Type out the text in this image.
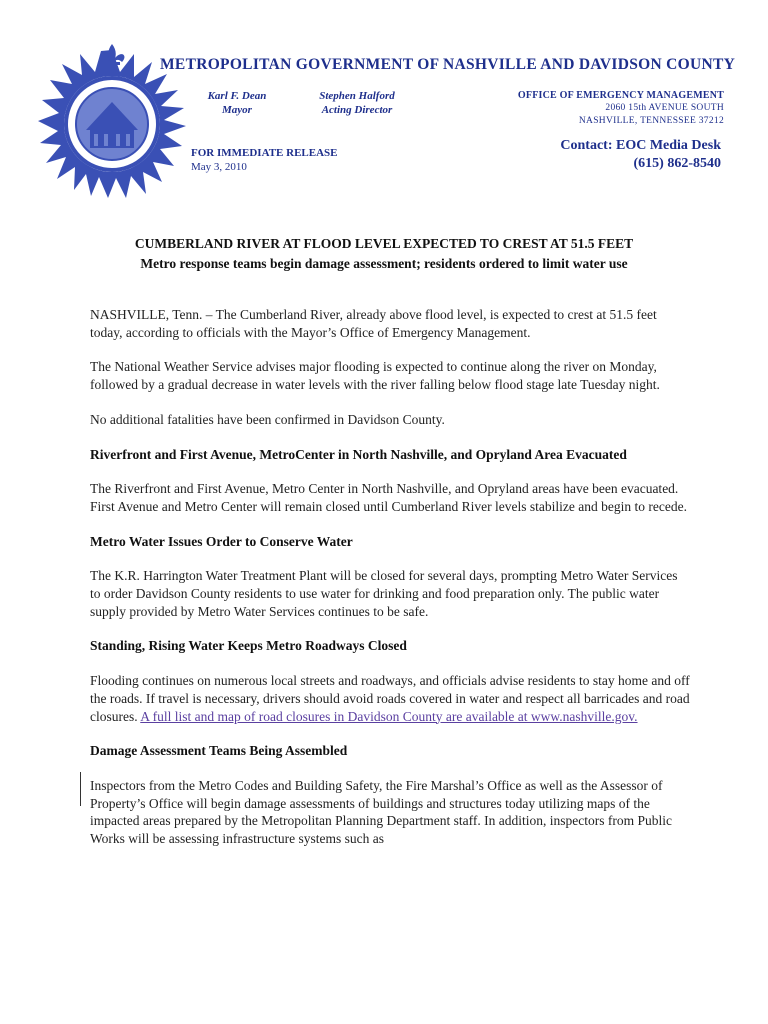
METROPOLITAN GOVERNMENT OF NASHVILLE AND DAVIDSON COUNTY
Karl F. Dean
Mayor
Stephen Halford
Acting Director
OFFICE OF EMERGENCY MANAGEMENT
2060 15th AVENUE SOUTH
NASHVILLE, TENNESSEE 37212
FOR IMMEDIATE RELEASE
May 3, 2010
Contact: EOC Media Desk
(615) 862-8540
CUMBERLAND RIVER AT FLOOD LEVEL EXPECTED TO CREST AT 51.5 FEET
Metro response teams begin damage assessment; residents ordered to limit water use

NASHVILLE, Tenn. – The Cumberland River, already above flood level, is expected to crest at 51.5 feet today, according to officials with the Mayor’s Office of Emergency Management.

The National Weather Service advises major flooding is expected to continue along the river on Monday, followed by a gradual decrease in water levels with the river falling below flood stage late Tuesday night.

No additional fatalities have been confirmed in Davidson County.

Riverfront and First Avenue, MetroCenter in North Nashville, and Opryland Area Evacuated

The Riverfront and First Avenue, Metro Center in North Nashville, and Opryland areas have been evacuated. First Avenue and Metro Center will remain closed until Cumberland River levels stabilize and begin to recede.

Metro Water Issues Order to Conserve Water

The K.R. Harrington Water Treatment Plant will be closed for several days, prompting Metro Water Services to order Davidson County residents to use water for drinking and food preparation only. The public water supply provided by Metro Water Services continues to be safe.

Standing, Rising Water Keeps Metro Roadways Closed

Flooding continues on numerous local streets and roadways, and officials advise residents to stay home and off the roads. If travel is necessary, drivers should avoid roads covered in water and respect all barricades and road closures. A full list and map of road closures in Davidson County are available at www.nashville.gov.

Damage Assessment Teams Being Assembled

Inspectors from the Metro Codes and Building Safety, the Fire Marshal’s Office as well as the Assessor of Property’s Office will begin damage assessments of buildings and structures today utilizing maps of the impacted areas prepared by the Metropolitan Planning Department staff. In addition, inspectors from Public Works will be assessing infrastructure systems such as
